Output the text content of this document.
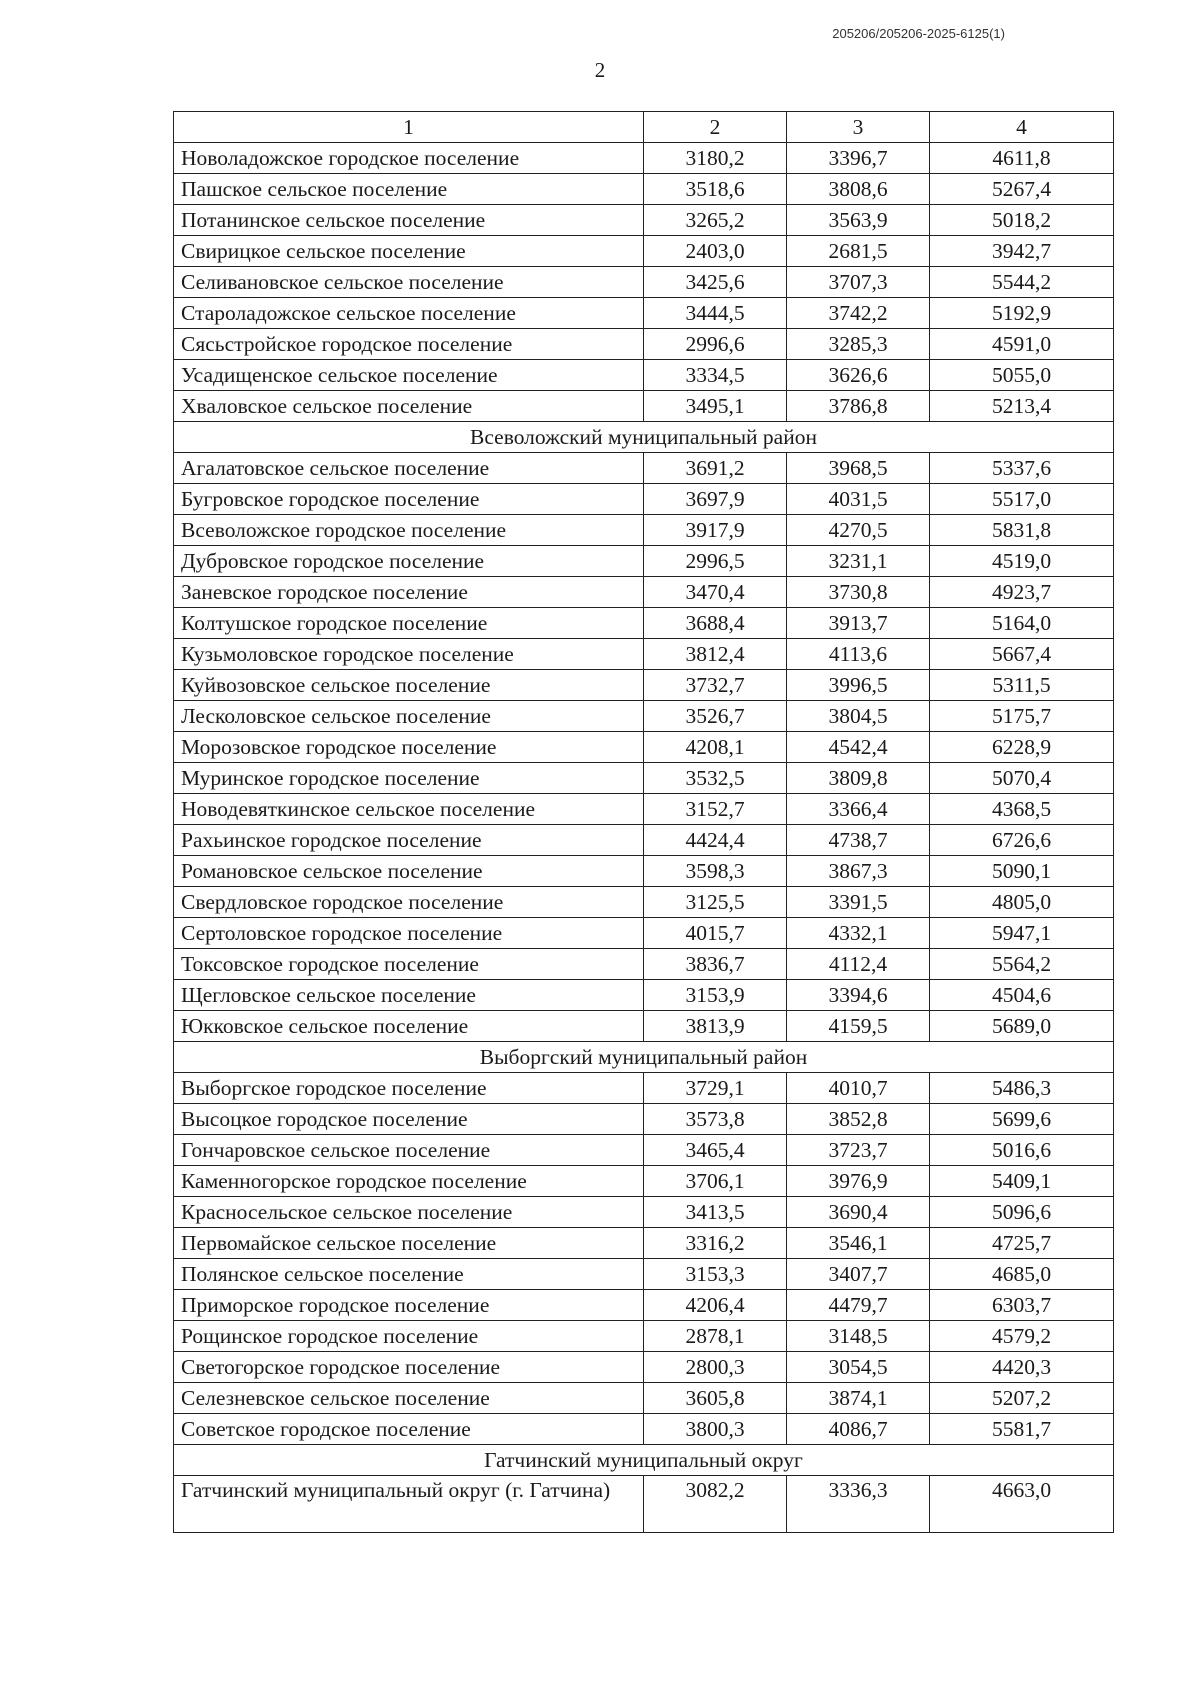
205206/205206-2025-6125(1)
2
1	2	3	4
Новоладожское городское поселение	3180,2	3396,7	4611,8
Пашское сельское поселение	3518,6	3808,6	5267,4
Потанинское сельское поселение	3265,2	3563,9	5018,2
Свирицкое сельское поселение	2403,0	2681,5	3942,7
Селивановское сельское поселение	3425,6	3707,3	5544,2
Староладожское сельское поселение	3444,5	3742,2	5192,9
Сясьстройское городское поселение	2996,6	3285,3	4591,0
Усадищенское сельское поселение	3334,5	3626,6	5055,0
Хваловское сельское поселение	3495,1	3786,8	5213,4
Всеволожский муниципальный район			
Агалатовское сельское поселение	3691,2	3968,5	5337,6
Бугровское городское поселение	3697,9	4031,5	5517,0
Всеволожское городское поселение	3917,9	4270,5	5831,8
Дубровское городское поселение	2996,5	3231,1	4519,0
Заневское городское поселение	3470,4	3730,8	4923,7
Колтушское городское поселение	3688,4	3913,7	5164,0
Кузьмоловское городское поселение	3812,4	4113,6	5667,4
Куйвозовское сельское поселение	3732,7	3996,5	5311,5
Лесколовское сельское поселение	3526,7	3804,5	5175,7
Морозовское городское поселение	4208,1	4542,4	6228,9
Муринское городское поселение	3532,5	3809,8	5070,4
Новодевяткинское сельское поселение	3152,7	3366,4	4368,5
Рахьинское городское поселение	4424,4	4738,7	6726,6
Романовское сельское поселение	3598,3	3867,3	5090,1
Свердловское городское поселение	3125,5	3391,5	4805,0
Сертоловское городское поселение	4015,7	4332,1	5947,1
Токсовское городское поселение	3836,7	4112,4	5564,2
Щегловское сельское поселение	3153,9	3394,6	4504,6
Юкковское сельское поселение	3813,9	4159,5	5689,0
Выборгский муниципальный район			
Выборгское городское поселение	3729,1	4010,7	5486,3
Высоцкое городское поселение	3573,8	3852,8	5699,6
Гончаровское сельское поселение	3465,4	3723,7	5016,6
Каменногорское городское поселение	3706,1	3976,9	5409,1
Красносельское сельское поселение	3413,5	3690,4	5096,6
Первомайское сельское поселение	3316,2	3546,1	4725,7
Полянское сельское поселение	3153,3	3407,7	4685,0
Приморское городское поселение	4206,4	4479,7	6303,7
Рощинское городское поселение	2878,1	3148,5	4579,2
Светогорское городское поселение	2800,3	3054,5	4420,3
Селезневское сельское поселение	3605,8	3874,1	5207,2
Советское городское поселение	3800,3	4086,7	5581,7
Гатчинский муниципальный округ			
Гатчинский муниципальный округ (г. Гатчина)	3082,2	3336,3	4663,0
